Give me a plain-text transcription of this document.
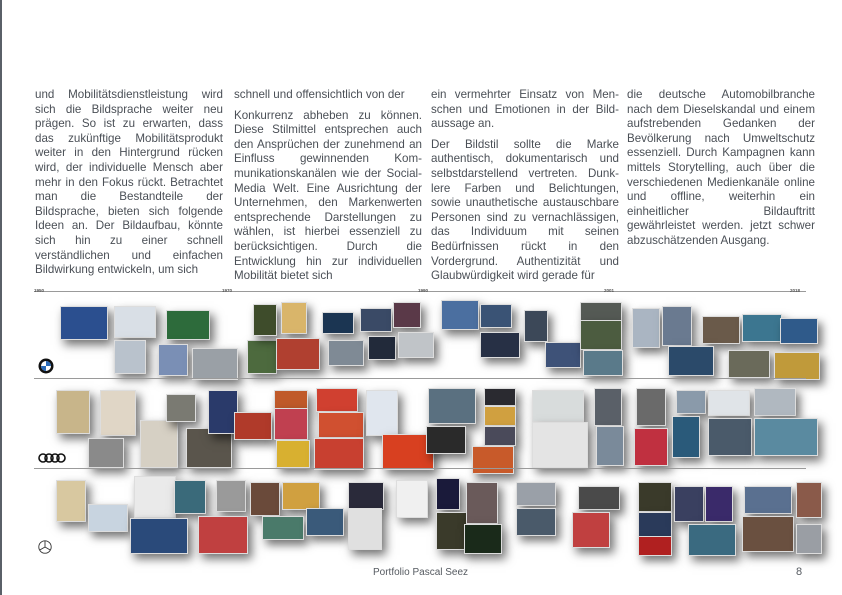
und Mobilitätsdienstleistung wird sich die Bildsprache weiter neu prägen. So ist zu erwarten, dass das zukünftige Mobilitätsprodukt weiter in den Hintergrund rücken wird, der individuelle Mensch aber mehr in den Fokus rückt. Betrachtet man die Bestandteile der Bildsprache, bieten sich folgende Ideen an. Der Bildaufbau, könnte sich hin zu einer schnell verständlichen und einfachen Bildwirkung entwickeln, um sich

schnell und offensichtlich von der

Konkurrenz abheben zu können. Diese Stilmittel entsprechen auch den Ansprüchen der zunehmend an Einfluss gewinnenden Kommunikationskanälen wie der Social-Media Welt. Eine Ausrichtung der Unternehmen, den Markenwerten entsprechende Darstellungen zu wählen, ist hierbei essenziell zu berücksichtigen. Durch die Entwicklung hin zur individuellen Mobilität bietet sich

ein vermehrter Einsatz von Menschen und Emotionen in der Bildaussage an.

Der Bildstil sollte die Marke authentisch, dokumentarisch und selbstdarstellend vertreten. Dunklere Farben und Belichtungen, sowie unauthetische austauschbare Personen sind zu vernachlässigen, das Individuum mit seinen Bedürfnissen rückt in den Vordergrund. Authentizität und Glaubwürdigkeit wird gerade für

die deutsche Automobilbranche nach dem Dieselskandal und einem aufstrebenden Gedanken der Bevölkerung nach Umweltschutz essenziell. Durch Kampagnen kann mittels Storytelling, auch über die verschiedenen Medienkanäle online und offline, weiterhin ein einheitlicher Bildauftritt gewährleistet werden. jetzt schwer abzuschätzenden Ausgang.

1950	1970	1990	2001	2018
Portfolio Pascal Seez	8
